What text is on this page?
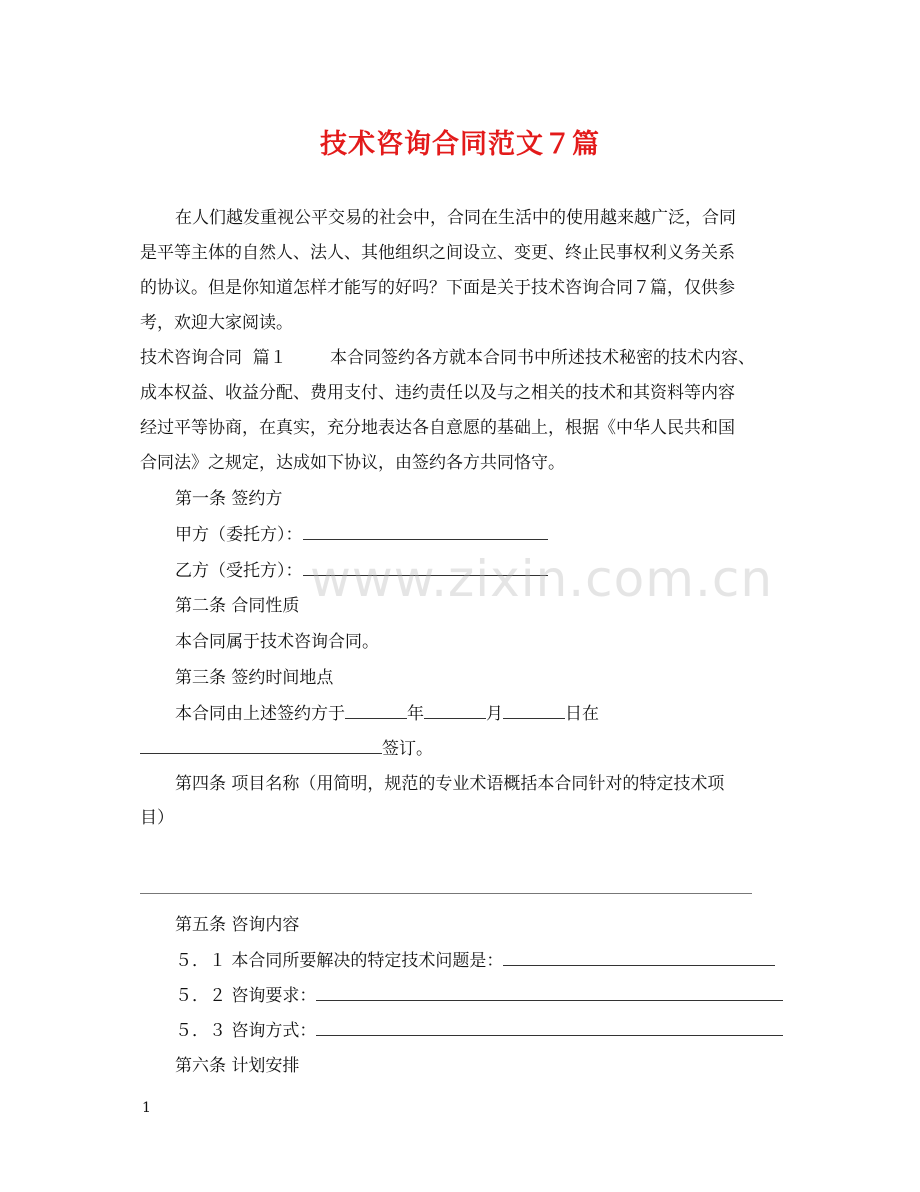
技术咨询合同范文７篇
在人们越发重视公平交易的社会中，合同在生活中的使用越来越广泛，合同
是平等主体的自然人、法人、其他组织之间设立、变更、终止民事权利义务关系
的协议。但是你知道怎样才能写的好吗？下面是关于技术咨询合同７篇，仅供参
考，欢迎大家阅读。
技术咨询合同  篇１        本合同签约各方就本合同书中所述技术秘密的技术内容、
成本权益、收益分配、费用支付、违约责任以及与之相关的技术和其资料等内容
经过平等协商，在真实，充分地表达各自意愿的基础上，根据《中华人民共和国
合同法》之规定，达成如下协议，由签约各方共同恪守。
第一条 签约方
甲方（委托方）：
乙方（受托方）： www.zixin.com.cn
第二条 合同性质
本合同属于技术咨询合同。
第三条 签约时间地点
本合同由上述签约方于	年	月	日在
签订。
第四条 项目名称（用简明，规范的专业术语概括本合同针对的特定技术项
目）
第五条 咨询内容
５．１ 本合同所要解决的特定技术问题是：
５．２ 咨询要求：
５．３ 咨询方式：
第六条 计划安排
1
